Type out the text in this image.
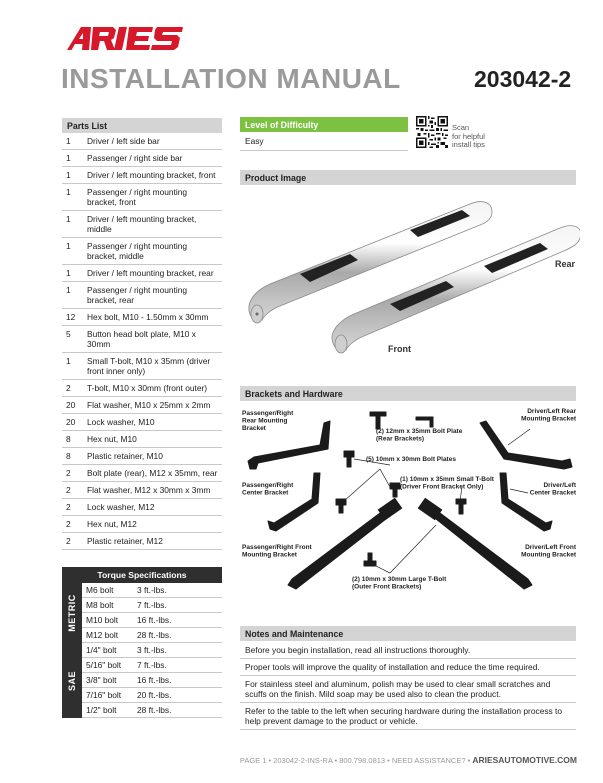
INSTALLATION MANUAL	203042-2
Parts List
1	Driver / left side bar
1	Passenger / right side bar
1	Driver / left mounting bracket, front
1	Passenger / right mounting bracket, front
1	Driver / left mounting bracket, middle
1	Passenger / right mounting bracket, middle
1	Driver / left mounting bracket, rear
1	Passenger / right mounting bracket, rear
12	Hex bolt, M10 - 1.50mm x 30mm
5	Button head bolt plate, M10 x 30mm
1	Small T-bolt, M10 x 35mm (driver front inner only)
2	T-bolt, M10 x 30mm (front outer)
20	Flat washer, M10 x 25mm x 2mm
20	Lock washer, M10
8	Hex nut, M10
8	Plastic retainer, M10
2	Bolt plate (rear), M12 x 35mm, rear
2	Flat washer, M12 x 30mm x 3mm
2	Lock washer, M12
2	Hex nut, M12
2	Plastic retainer, M12
Torque Specifications
METRIC
M6 bolt	3 ft.-lbs.
M8 bolt	7 ft.-lbs.
M10 bolt	16 ft.-lbs.
M12 bolt	28 ft.-lbs.
SAE
1/4" bolt	3 ft.-lbs.
5/16" bolt	7 ft.-lbs.
3/8" bolt	16 ft.-lbs.
7/16" bolt	20 ft.-lbs.
1/2" bolt	28 ft.-lbs.
Level of Difficulty
Easy
Scan
for helpful
install tips
Product Image
Rear
Front
Brackets and Hardware
Passenger/Right
Rear Mounting
Bracket	(2) 12mm x 35mm Bolt Plate
(Rear Brackets)
Driver/Left Rear
Mounting Bracket
(5) 10mm x 30mm Bolt Plates
(1) 10mm x 35mm Small T-Bolt
(Driver Front Bracket Only)
Passenger/Right
Center Bracket
Driver/Left
Center Bracket
Passenger/Right Front
Mounting Bracket
Driver/Left Front
Mounting Bracket
(2) 10mm x 30mm Large T-Bolt
(Outer Front Brackets)
Notes and Maintenance
Before you begin installation, read all instructions thoroughly.
Proper tools will improve the quality of installation and reduce the time required.
For stainless steel and aluminum, polish may be used to clear small scratches and scuffs on the finish. Mild soap may be used also to clean the product.
Refer to the table to the left when securing hardware during the installation process to help prevent damage to the product or vehicle.
PAGE 1 • 203042-2-INS-RA • 800.798.0813 • NEED ASSISTANCE? • ARIESAUTOMOTIVE.COM
